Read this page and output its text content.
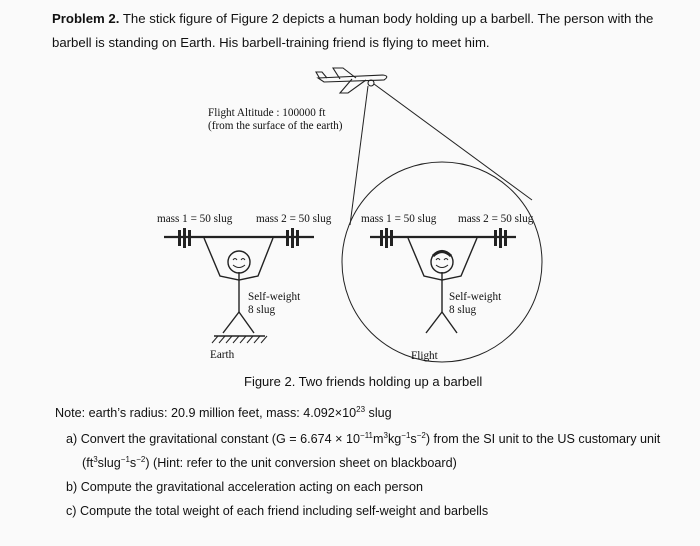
Problem 2. The stick figure of Figure 2 depicts a human body holding up a barbell. The person with the barbell is standing on Earth. His barbell-training friend is flying to meet him.
Flight Altitude : 100000 ft
(from the surface of the earth)
mass 1 = 50 slug mass 2 = 50 slug
Self-weight
8 slug
Earth
mass 1 = 50 slug mass 2 = 50 slug
Self-weight
8 slug
Flight
Figure 2. Two friends holding up a barbell
Note: earth’s radius: 20.9 million feet, mass: $4.092\times 10^{23}$ slug
a) Convert the gravitational constant $(G = 6.674 \times 10^{-11}m^3kg^{-1}s^{-2})$ from the SI unit to the US customary unit
$(ft^3slug^{-1}s^{-2})$ (Hint: refer to the unit conversion sheet on blackboard)
b) Compute the gravitational acceleration acting on each person
c) Compute the total weight of each friend including self-weight and barbells
